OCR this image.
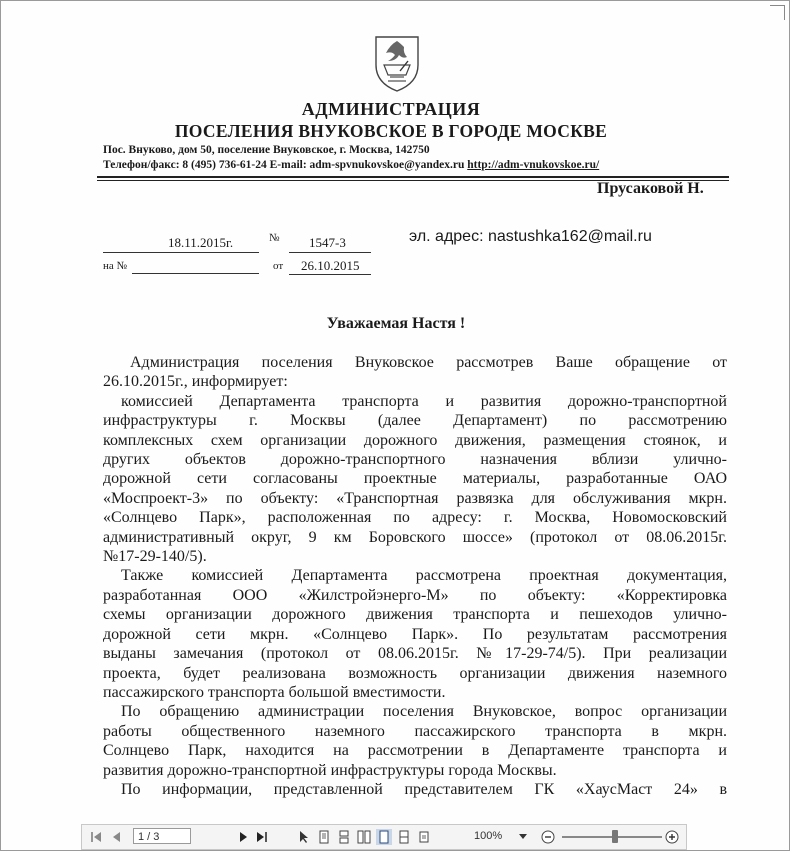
АДМИНИСТРАЦИЯ
ПОСЕЛЕНИЯ ВНУКОВСКОЕ В ГОРОДЕ МОСКВЕ
Пос. Внуково, дом 50, поселение Внуковское, г. Москва, 142750
Телефон/факс: 8 (495) 736-61-24 E-mail: adm-spvnukovskoe@yandex.ru http://adm-vnukovskoe.ru/
Прусаковой Н.
18.11.2015г.	№ 1547-3
на №	от 26.10.2015
эл. адрес: nastushka162@mail.ru
Уважаемая Настя !

Администрация поселения Внуковское рассмотрев Ваше обращение от

26.10.2015г., информирует:

комиссией Департамента транспорта и развития дорожно-транспортной

инфраструктуры г. Москвы (далее Департамент) по рассмотрению

комплексных схем организации дорожного движения, размещения стоянок, и

других объектов дорожно-транспортного назначения вблизи улично-

дорожной сети согласованы проектные материалы, разработанные ОАО

«Моспроект-3» по объекту: «Транспортная развязка для обслуживания мкрн.

«Солнцево Парк», расположенная по адресу: г. Москва, Новомосковский

административный округ, 9 км Боровского шоссе» (протокол от 08.06.2015г.

№17-29-140/5).

Также комиссией Департамента рассмотрена проектная документация,

разработанная ООО «Жилстройэнерго-М» по объекту: «Корректировка

схемы организации дорожного движения транспорта и пешеходов улично-

дорожной сети мкрн. «Солнцево Парк». По результатам рассмотрения

выданы замечания (протокол от 08.06.2015г. №17-29-74/5). При реализации

проекта, будет реализована возможность организации движения наземного

пассажирского транспорта большой вместимости.

По обращению администрации поселения Внуковское, вопрос организации

работы общественного наземного пассажирского транспорта в мкрн.

Солнцево Парк, находится на рассмотрении в Департаменте транспорта и

развития дорожно-транспортной инфраструктуры города Москвы.

По информации, представленной представителем ГК «ХаусМаст 24» в

1 / 3	100%
